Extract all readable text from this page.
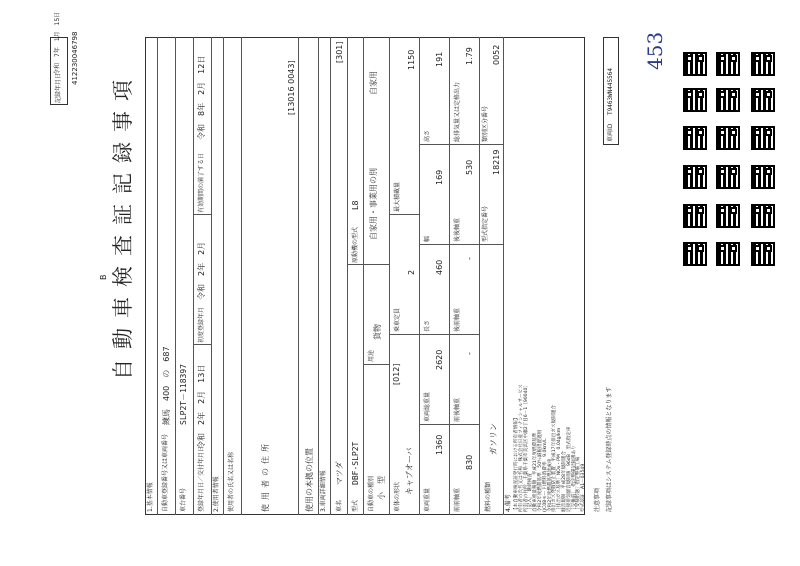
453
記録年月日
令和　7年　1月　15日 412230046798
B 自動車検査証記録事項
1.基本情報 自動車登録番号又は車両番号
練馬　400　の　687
車台番号
SLP2T－118397
登録年月日／交付年月日
令和　2年　2月　13日
初度登録年月
令和　2年　2月
有効期間の満了する日
令和　8年　2月　12日
2.使用者情報 使用者の氏名又は名称	使用者の住所
[13016 0043]
使用の本拠の位置 3.車両詳細情報 車名
マツダ
[301]
型式
DBF-SLP2T
原動機の型式
L8
自動車の種別 小　型
用途
貨物
自家用・事業用の別
自家用
車体の形状
キャブオーバ
[012]
乗車定員
2
最大積載量
1150
車両重量
1360
車両総重量
2620
長さ
460
幅
169
高さ
191
前前軸重
830
前後軸重
-
後前軸重
-
後後軸重
530
総排気量又は定格出力
1.79
燃料の種類
ガソリン
型式指定番号
18219
類別区分番号
0052
4.備考 【本自動車検査証発行時における所有者情報】 所有者の氏名又は名称　株式会社日産フィナンシャルサービス 所有者の住所　千葉県千葉市美浜区中瀬2丁目6－1［90040］ ［記入］　継続検査 自動車重量税額　平成21年度燃費基準 令和2年度燃費基準　50％減税措置適用 (JC08モード)燃料消費率　9.0km/L 令和2年度燃費基準達成車 排出ガス発散防止装置　平成17年排出ガス規制適合 ［排出ガス基準］NOx・PM　0.04g/km 騒音規制　平成28年規制適合 近接排気騒音規制値　96dB　型式指定車 ［交換前］　指定整備記録簿あり ［受検形態］指定整備工場 型式認証　A1－03549 注意事項 記録事項はシステム登録時点の情報となります
車両ID
T9463WN445564
